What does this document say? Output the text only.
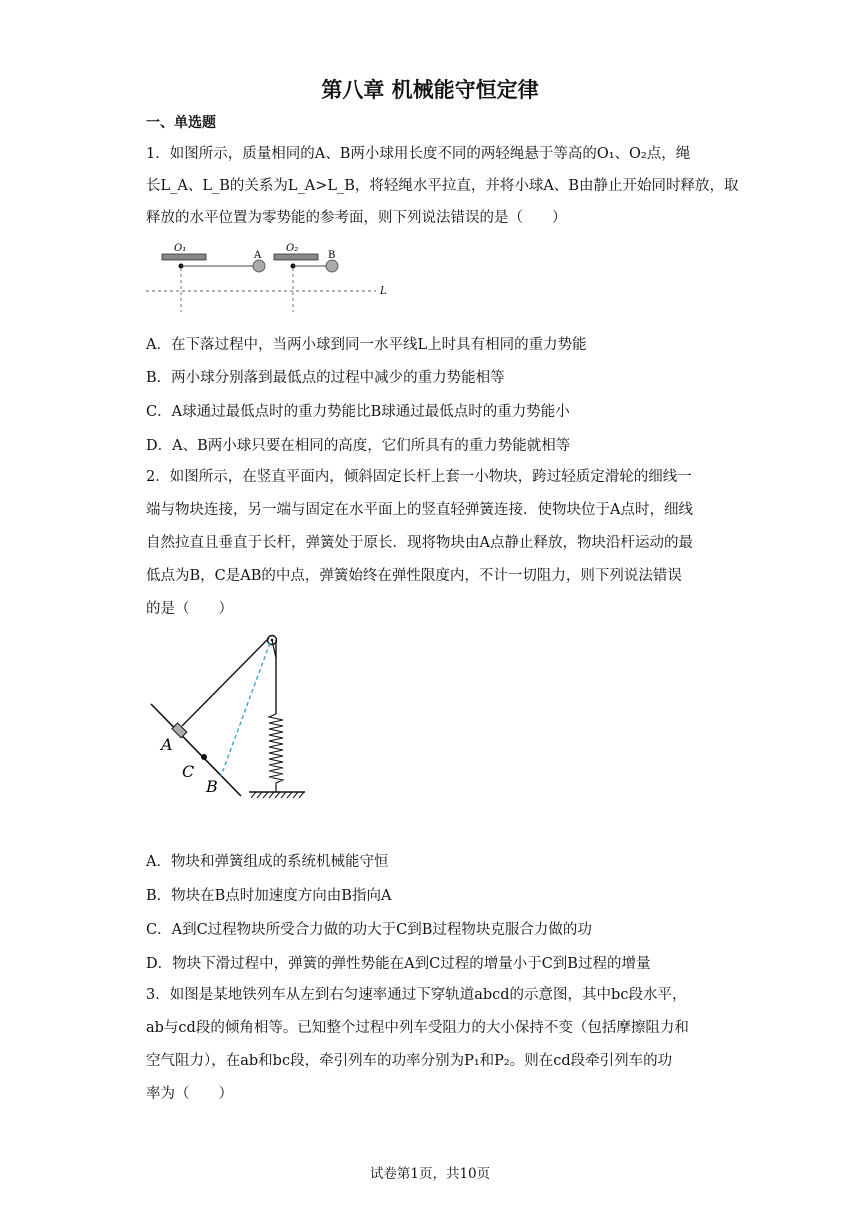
第八章 机械能守恒定律
一、单选题
1．如图所示，质量相同的A、B两小球用长度不同的两轻绳悬于等高的O₁、O₂点，绳
长L_A、L_B的关系为L_A>L_B，将轻绳水平拉直，并将小球A、B由静止开始同时释放，取
释放的水平位置为零势能的参考面，则下列说法错误的是（　　）
O₁	O₂
A	B
L
A．在下落过程中，当两小球到同一水平线L上时具有相同的重力势能
B．两小球分别落到最低点的过程中减少的重力势能相等
C．A球通过最低点时的重力势能比B球通过最低点时的重力势能小
D．A、B两小球只要在相同的高度，它们所具有的重力势能就相等
2．如图所示，在竖直平面内，倾斜固定长杆上套一小物块，跨过轻质定滑轮的细线一
端与物块连接，另一端与固定在水平面上的竖直轻弹簧连接．使物块位于A点时，细线
自然拉直且垂直于长杆，弹簧处于原长．现将物块由A点静止释放，物块沿杆运动的最
低点为B，C是AB的中点，弹簧始终在弹性限度内，不计一切阻力，则下列说法错误
的是（　　）
A
C
B
A．物块和弹簧组成的系统机械能守恒
B．物块在B点时加速度方向由B指向A
C．A到C过程物块所受合力做的功大于C到B过程物块克服合力做的功
D．物块下滑过程中，弹簧的弹性势能在A到C过程的增量小于C到B过程的增量
3．如图是某地铁列车从左到右匀速率通过下穿轨道abcd的示意图，其中bc段水平，
ab与cd段的倾角相等。已知整个过程中列车受阻力的大小保持不变（包括摩擦阻力和
空气阻力），在ab和bc段，牵引列车的功率分别为P₁和P₂。则在cd段牵引列车的功
率为（　　）
试卷第1页，共10页
